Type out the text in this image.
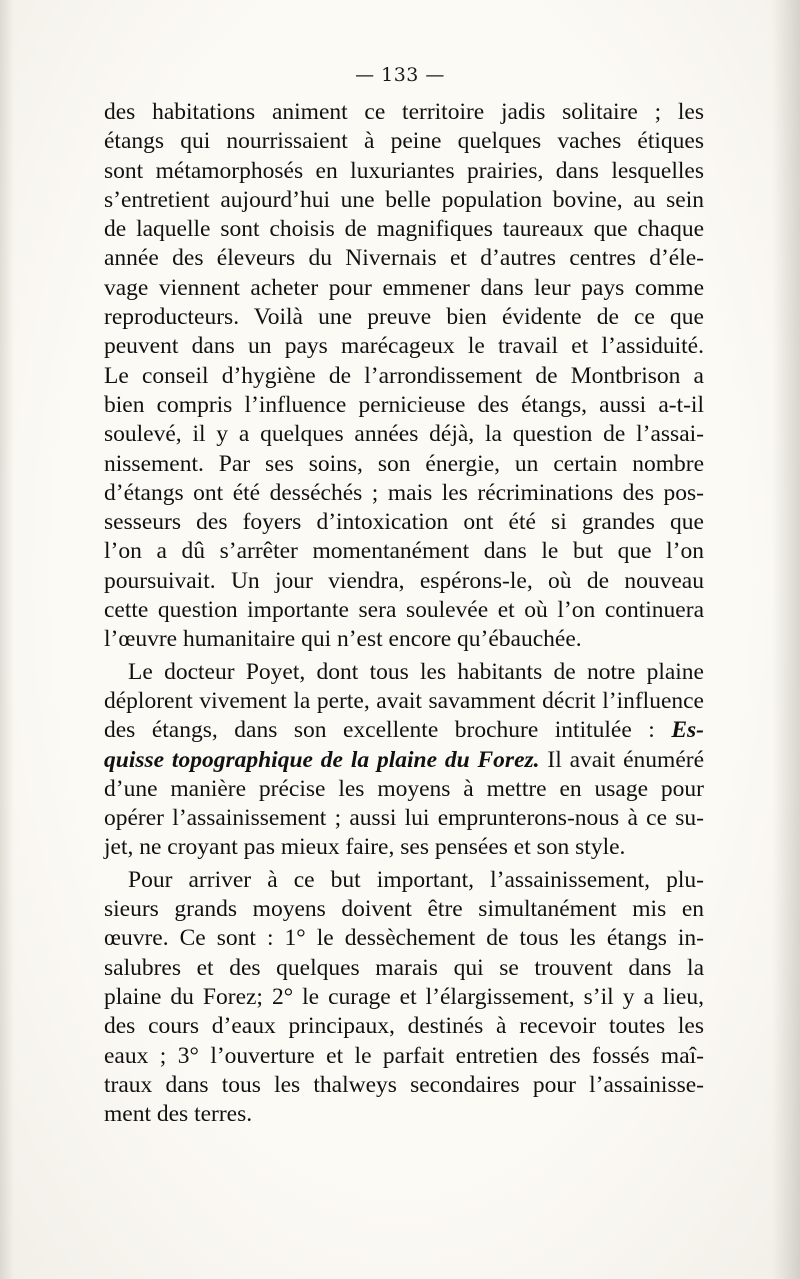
— 133 —
des habitations animent ce territoire jadis solitaire ; les
étangs qui nourrissaient à peine quelques vaches étiques
sont métamorphosés en luxuriantes prairies, dans lesquelles
s’entretient aujourd’hui une belle population bovine, au sein
de laquelle sont choisis de magnifiques taureaux que chaque
année des éleveurs du Nivernais et d’autres centres d’éle-
vage viennent acheter pour emmener dans leur pays comme
reproducteurs. Voilà une preuve bien évidente de ce que
peuvent dans un pays marécageux le travail et l’assiduité.
Le conseil d’hygiène de l’arrondissement de Montbrison a
bien compris l’influence pernicieuse des étangs, aussi a-t-il
soulevé, il y a quelques années déjà, la question de l’assai-
nissement. Par ses soins, son énergie, un certain nombre
d’étangs ont été desséchés ; mais les récriminations des pos-
sesseurs des foyers d’intoxication ont été si grandes que
l’on a dû s’arrêter momentanément dans le but que l’on
poursuivait. Un jour viendra, espérons-le, où de nouveau
cette question importante sera soulevée et où l’on continuera
l’œuvre humanitaire qui n’est encore qu’ébauchée.
Le docteur Poyet, dont tous les habitants de notre plaine
déplorent vivement la perte, avait savamment décrit l’influence
des étangs, dans son excellente brochure intitulée : Es-
quisse topographique de la plaine du Forez. Il avait énuméré
d’une manière précise les moyens à mettre en usage pour
opérer l’assainissement ; aussi lui emprunterons-nous à ce su-
jet, ne croyant pas mieux faire, ses pensées et son style.
Pour arriver à ce but important, l’assainissement, plu-
sieurs grands moyens doivent être simultanément mis en
œuvre. Ce sont : 1° le dessèchement de tous les étangs in-
salubres et des quelques marais qui se trouvent dans la
plaine du Forez; 2° le curage et l’élargissement, s’il y a lieu,
des cours d’eaux principaux, destinés à recevoir toutes les
eaux ; 3° l’ouverture et le parfait entretien des fossés maî-
traux dans tous les thalweys secondaires pour l’assainisse-
ment des terres.
